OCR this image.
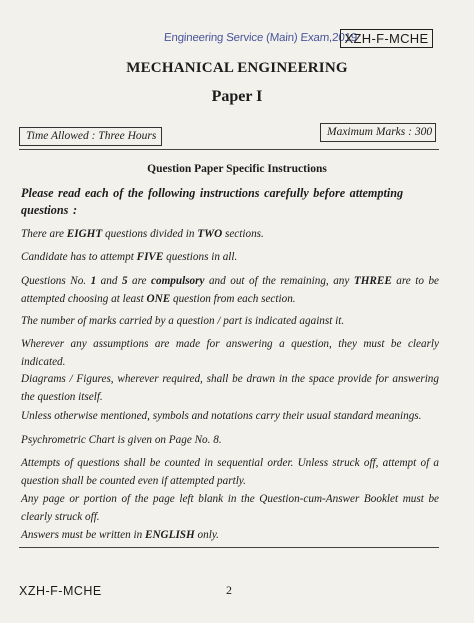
Engineering Service (Main) Exam,2019
XZH-F-MCHE
MECHANICAL ENGINEERING
Paper I
Time Allowed : Three Hours	Maximum Marks : 300
Question Paper Specific Instructions
Please read each of the following instructions carefully before attempting questions :

There are EIGHT questions divided in TWO sections.

Candidate has to attempt FIVE questions in all.

Questions No. 1 and 5 are compulsory and out of the remaining, any THREE are to be attempted choosing at least ONE question from each section.

The number of marks carried by a question / part is indicated against it.

Wherever any assumptions are made for answering a question, they must be clearly indicated.

Diagrams / Figures, wherever required, shall be drawn in the space provide for answering the question itself.

Unless otherwise mentioned, symbols and notations carry their usual standard meanings.

Psychrometric Chart is given on Page No. 8.

Attempts of questions shall be counted in sequential order. Unless struck off, attempt of a question shall be counted even if attempted partly.

Any page or portion of the page left blank in the Question-cum-Answer Booklet must be clearly struck off.

Answers must be written in ENGLISH only.

XZH-F-MCHE	2
